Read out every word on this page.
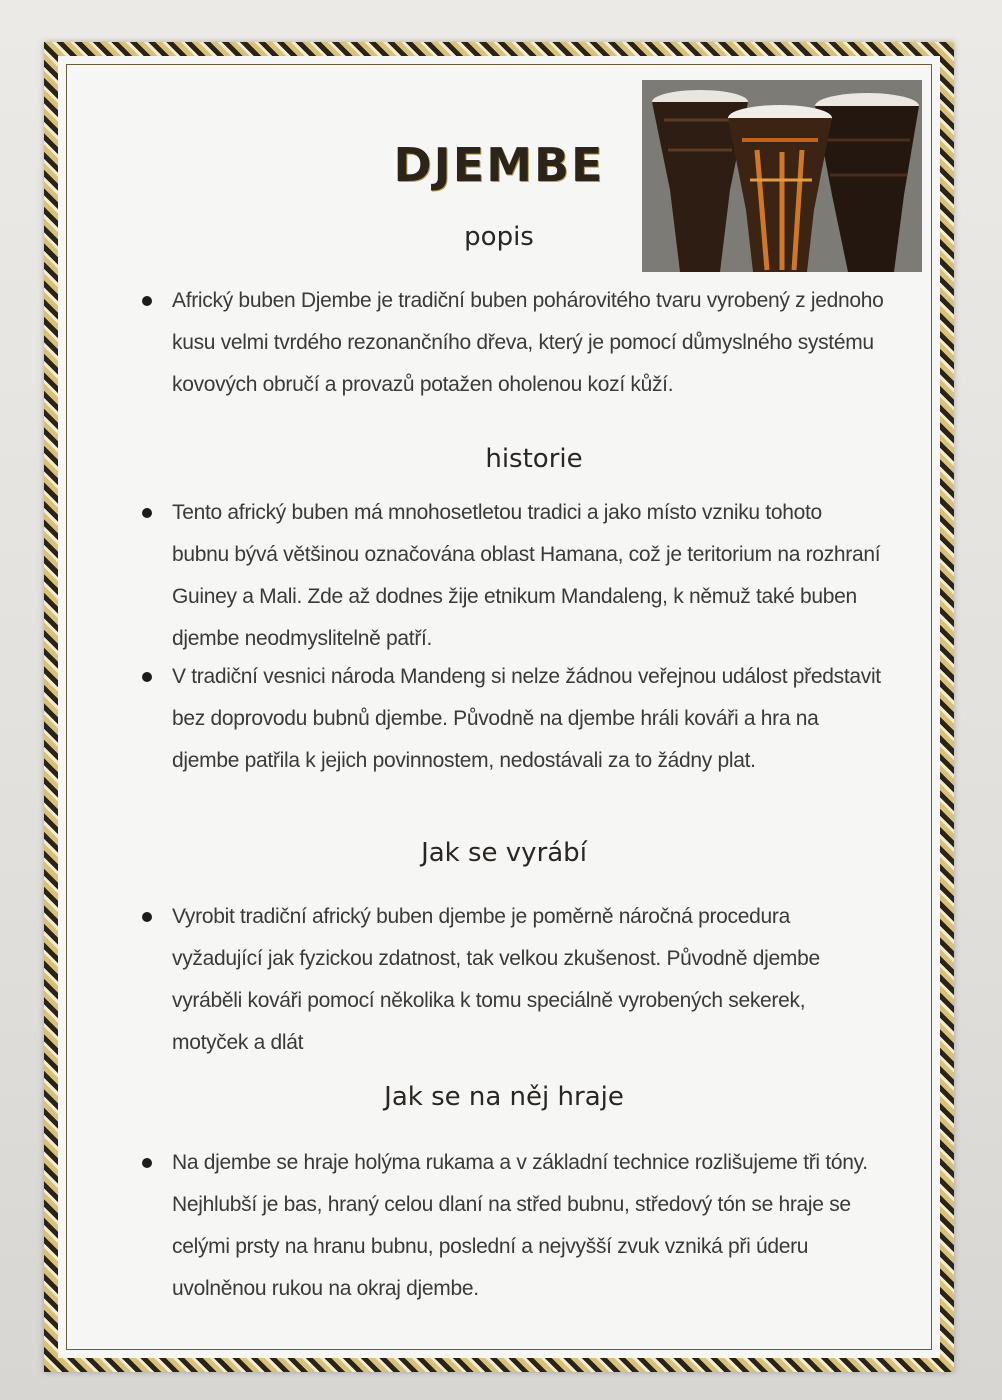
DJEMBE
popis
Africký buben Djembe je tradiční buben pohárovitého tvaru vyrobený z jednoho kusu velmi tvrdého rezonančního dřeva, který je pomocí důmyslného systému kovových obručí a provazů potažen oholenou kozí kůží.
historie
Tento africký buben má mnohosetletou tradici a jako místo vzniku tohoto bubnu bývá většinou označována oblast Hamana, což je teritorium na rozhraní Guiney a Mali. Zde až dodnes žije etnikum Mandaleng, k němuž také buben djembe neodmyslitelně patří.
V tradiční vesnici národa Mandeng si nelze žádnou veřejnou událost představit bez doprovodu bubnů djembe. Původně na djembe hráli kováři a hra na djembe patřila k jejich povinnostem, nedostávali za to žádny plat.
Jak se vyrábí
Vyrobit tradiční africký buben djembe je poměrně náročná procedura vyžadující jak fyzickou zdatnost, tak velkou zkušenost. Původně djembe vyráběli kováři pomocí několika k tomu speciálně vyrobených sekerek, motyček a dlát
Jak se na něj hraje
Na djembe se hraje holýma rukama a v základní technice rozlišujeme tři tóny. Nejhlubší je bas, hraný celou dlaní na střed bubnu, středový tón se hraje se celými prsty na hranu bubnu, poslední a nejvyšší zvuk vzniká při úderu uvolněnou rukou na okraj djembe.
